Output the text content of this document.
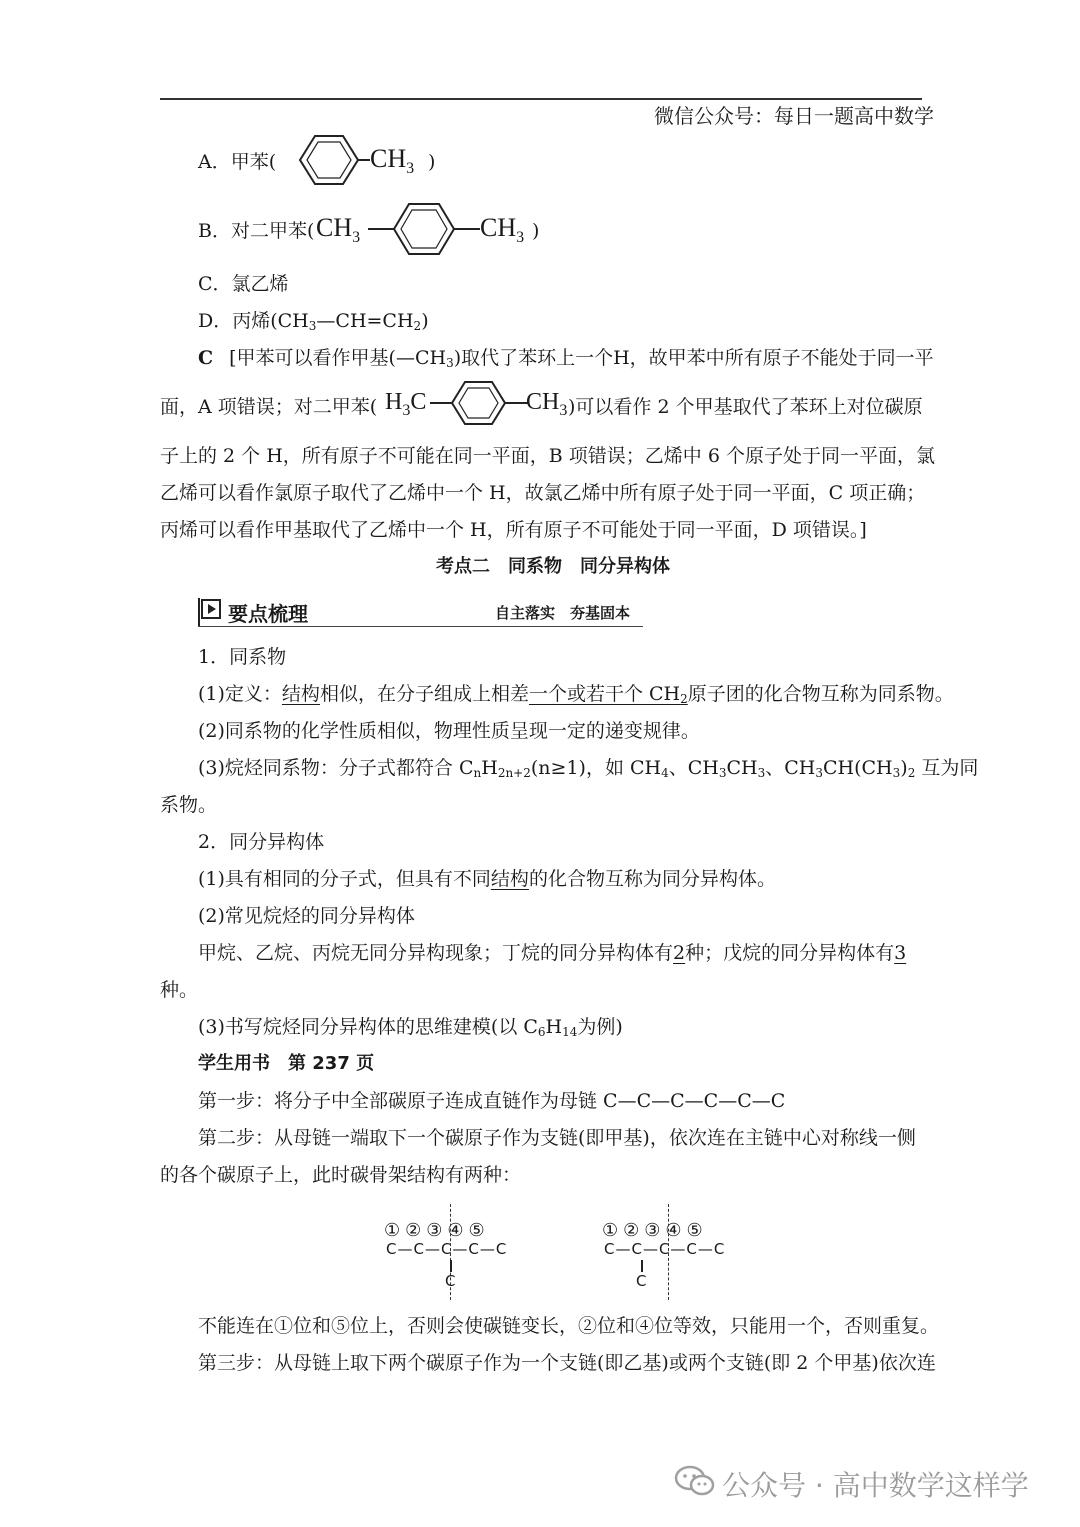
微信公众号：每日一题高中数学
A．甲苯(	$CH_3$ )
B．对二甲苯( $CH_3$	$CH_3$ )
C．氯乙烯
D．丙烯$(CH_3—CH=CH_2)$
C [甲苯可以看作甲基$(—CH_3)$取代了苯环上一个H，故甲苯中所有原子不能处于同一平
面，A 项错误；对二甲苯( $H_3C$	$CH_3$ )可以看作 2 个甲基取代了苯环上对位碳原
子上的 2 个 H，所有原子不可能在同一平面，B 项错误；乙烯中 6 个原子处于同一平面，氯
乙烯可以看作氯原子取代了乙烯中一个 H，故氯乙烯中所有原子处于同一平面，C 项正确；
丙烯可以看作甲基取代了乙烯中一个 H，所有原子不可能处于同一平面，D 项错误。]
考点二　同系物　同分异构体
要点梳理	自主落实　夯基固本
1．同系物
(1)定义：结构相似，在分子组成上相差一个或若干个 $CH_2$原子团的化合物互称为同系物。
(2)同系物的化学性质相似，物理性质呈现一定的递变规律。
(3)烷烃同系物：分子式都符合 $C_nH_{2n+2}(n\ge 1)$，如 $CH_4$、$CH_3CH_3$、$CH_3CH(CH_3)_2$ 互为同
系物。
2．同分异构体
(1)具有相同的分子式，但具有不同结构的化合物互称为同分异构体。
(2)常见烷烃的同分异构体
甲烷、乙烷、丙烷无同分异构现象；丁烷的同分异构体有2种；戊烷的同分异构体有3
种。
(3)书写烷烃同分异构体的思维建模(以 $C_6H_{14}$为例)
学生用书　第 237 页
第一步：将分子中全部碳原子连成直链作为母链 C—C—C—C—C—C
第二步：从母链一端取下一个碳原子作为支链(即甲基)，依次连在主链中心对称线一侧
的各个碳原子上，此时碳骨架结构有两种：
①②③④⑤
C—C—C—C—C
C
①②③④⑤
C—C—C—C—C
C
不能连在①位和⑤位上，否则会使碳链变长，②位和④位等效，只能用一个，否则重复。
第三步：从母链上取下两个碳原子作为一个支链(即乙基)或两个支链(即 2 个甲基)依次连
公众号 · 高中数学这样学
